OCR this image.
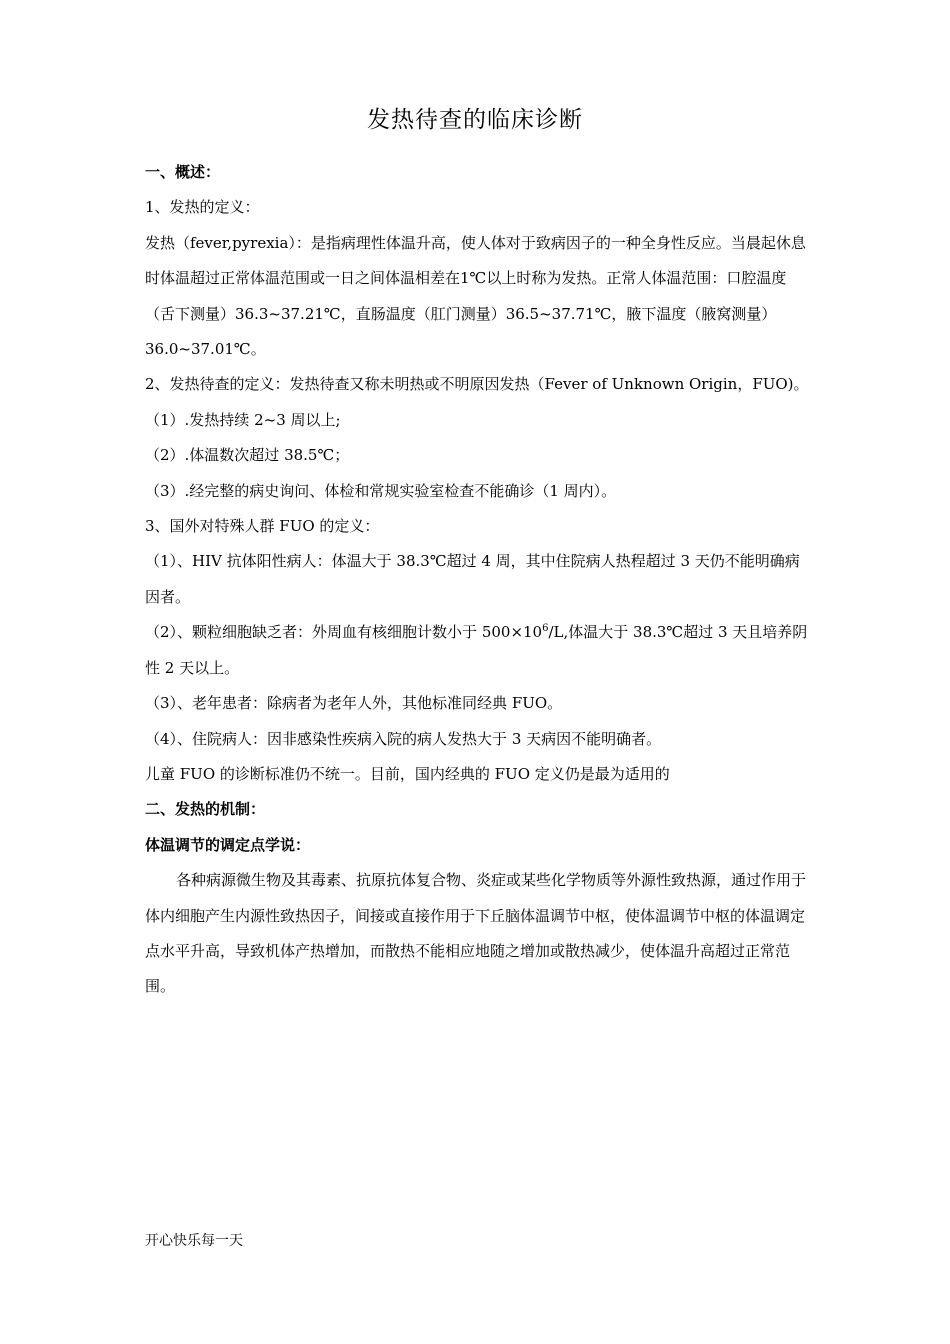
发热待查的临床诊断

一、概述：

1、发热的定义：

发热（fever,pyrexia）：是指病理性体温升高，使人体对于致病因子的一种全身性反应。当晨起休息时体温超过正常体温范围或一日之间体温相差在1℃以上时称为发热。正常人体温范围：口腔温度（舌下测量）36.3~37.21℃，直肠温度（肛门测量）36.5~37.71℃，腋下温度（腋窝测量）36.0~37.01℃。

2、发热待查的定义：发热待查又称未明热或不明原因发热（Fever of Unknown Origin，FUO)。

（1）.发热持续 2~3 周以上;

（2）.体温数次超过 38.5℃；

（3）.经完整的病史询问、体检和常规实验室检查不能确诊（1 周内）。

3、国外对特殊人群 FUO 的定义：

（1）、HIV 抗体阳性病人：体温大于 38.3℃超过 4 周，其中住院病人热程超过 3 天仍不能明确病因者。

（2）、颗粒细胞缺乏者：外周血有核细胞计数小于 $500\times 10^6/L$,体温大于 38.3℃超过 3 天且培养阴性 2 天以上。

（3）、老年患者：除病者为老年人外，其他标准同经典 FUO。

（4）、住院病人：因非感染性疾病入院的病人发热大于 3 天病因不能明确者。

儿童 FUO 的诊断标准仍不统一。目前，国内经典的 FUO 定义仍是最为适用的

二、发热的机制：

体温调节的调定点学说：

各种病源微生物及其毒素、抗原抗体复合物、炎症或某些化学物质等外源性致热源，通过作用于体内细胞产生内源性致热因子，间接或直接作用于下丘脑体温调节中枢，使体温调节中枢的体温调定点水平升高，导致机体产热增加，而散热不能相应地随之增加或散热减少，使体温升高超过正常范围。

开心快乐每一天
